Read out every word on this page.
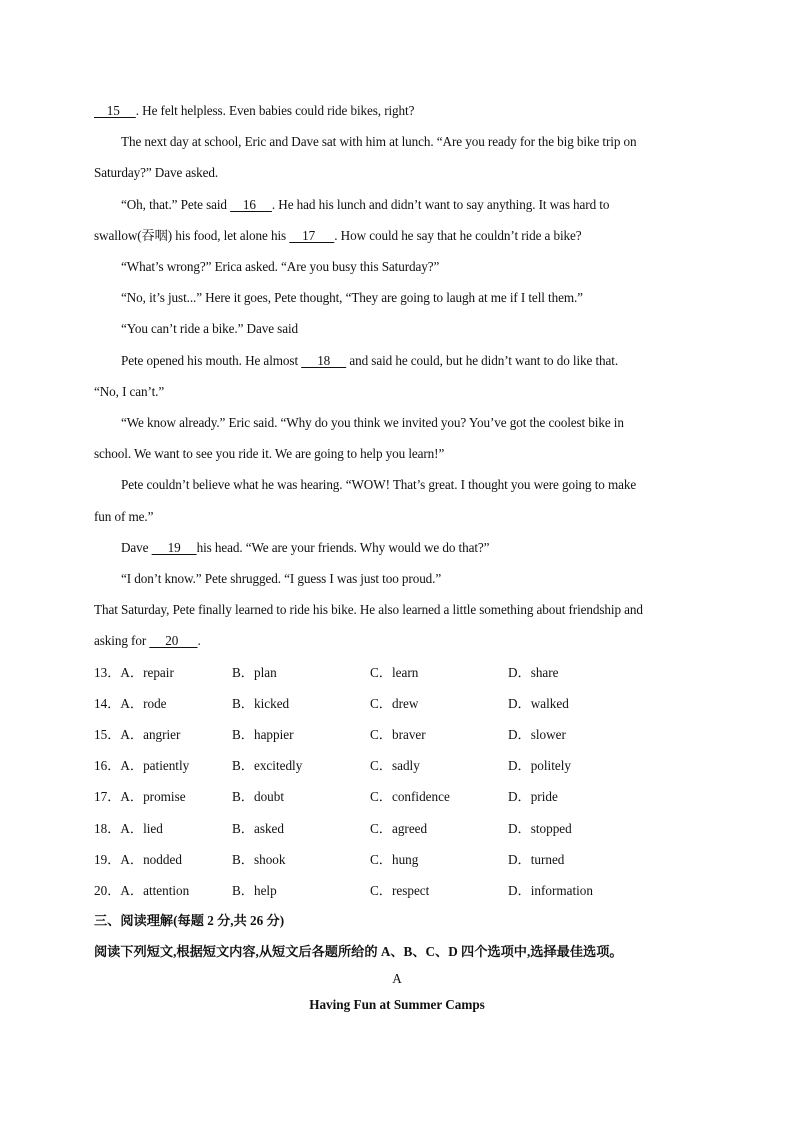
15     . He felt helpless. Even babies could ride bikes, right?
The next day at school, Eric and Dave sat with him at lunch. “Are you ready for the big bike trip on
Saturday?” Dave asked.
“Oh, that.” Pete said     16     . He had his lunch and didn’t want to say anything. It was hard to
swallow(吞咽) his food, let alone his     17      . How could he say that he couldn’t ride a bike?
“What’s wrong?” Erica asked. “Are you busy this Saturday?”
“No, it’s just...” Here it goes, Pete thought, “They are going to laugh at me if I tell them.”
“You can’t ride a bike.” Dave said
Pete opened his mouth. He almost      18      and said he could, but he didn’t want to do like that.
“No, I can’t.”
“We know already.” Eric said. “Why do you think we invited you? You’ve got the coolest bike in
school. We want to see you ride it. We are going to help you learn!”
Pete couldn’t believe what he was hearing. “WOW! That’s great. I thought you were going to make
fun of me.”
Dave      19     his head. “We are your friends. Why would we do that?”
“I don’t know.” Pete shrugged. “I guess I was just too proud.”
That Saturday, Pete finally learned to ride his bike. He also learned a little something about friendship and
asking for      20      .
13．A．repair	B．plan	C．learn	D．share
14．A．rode	B．kicked	C．drew	D．walked
15．A．angrier	B．happier	C．braver	D．slower
16．A．patiently	B．excitedly	C．sadly	D．politely
17．A．promise	B．doubt	C．confidence	D．pride
18．A．lied	B．asked	C．agreed	D．stopped
19．A．nodded	B．shook	C．hung	D．turned
20．A．attention	B．help	C．respect	D．information
三、阅读理解(每题 2 分,共 26 分)
阅读下列短文,根据短文内容,从短文后各题所给的 A、B、C、D 四个选项中,选择最佳选项。
A
Having Fun at Summer Camps
